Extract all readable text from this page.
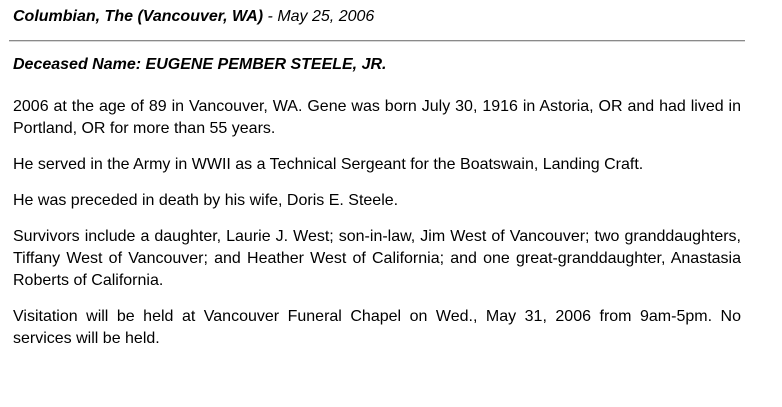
Columbian, The (Vancouver, WA) - May 25, 2006
Deceased Name: EUGENE PEMBER STEELE, JR.

2006 at the age of 89 in Vancouver, WA. Gene was born July 30, 1916 in Astoria, OR and had lived in Portland, OR for more than 55 years.

He served in the Army in WWII as a Technical Sergeant for the Boatswain, Landing Craft.

He was preceded in death by his wife, Doris E. Steele.

Survivors include a daughter, Laurie J. West; son-in-law, Jim West of Vancouver; two granddaughters, Tiffany West of Vancouver; and Heather West of California; and one great-granddaughter, Anastasia Roberts of California.

Visitation will be held at Vancouver Funeral Chapel on Wed., May 31, 2006 from 9am-5pm. No services will be held.
